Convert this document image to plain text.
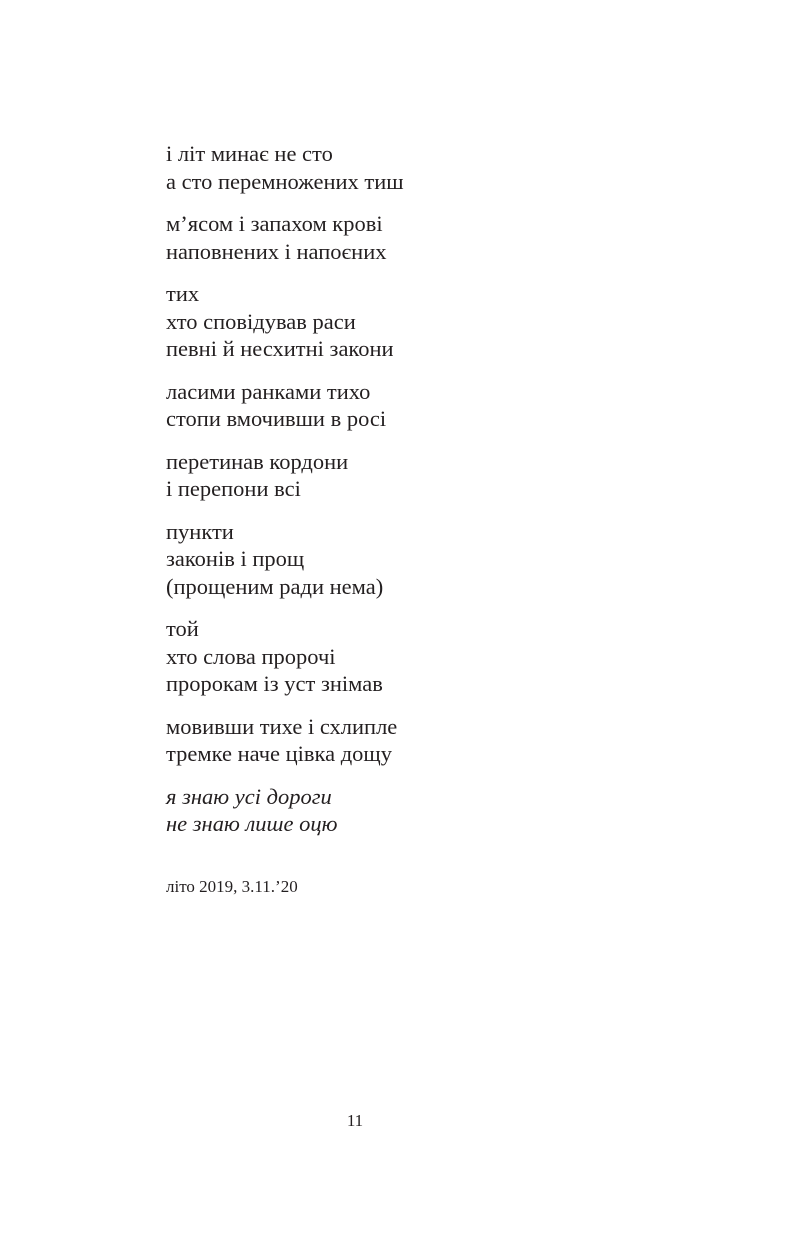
і літ минає не сто
а сто перемножених тиш
м’ясом і запахом крові
наповнених і напоєних
тих
хто сповідував раси
певні й несхитні закони
ласими ранками тихо
стопи вмочивши в росі
перетинав кордони
і перепони всі
пункти
законів і прощ
(прощеним ради нема)
той
хто слова пророчі
пророкам із уст знімав
мовивши тихе і схлипле
тремке наче цівка дощу
я знаю усі дороги
не знаю лише оцю
літо 2019, 3.11.’20
11
